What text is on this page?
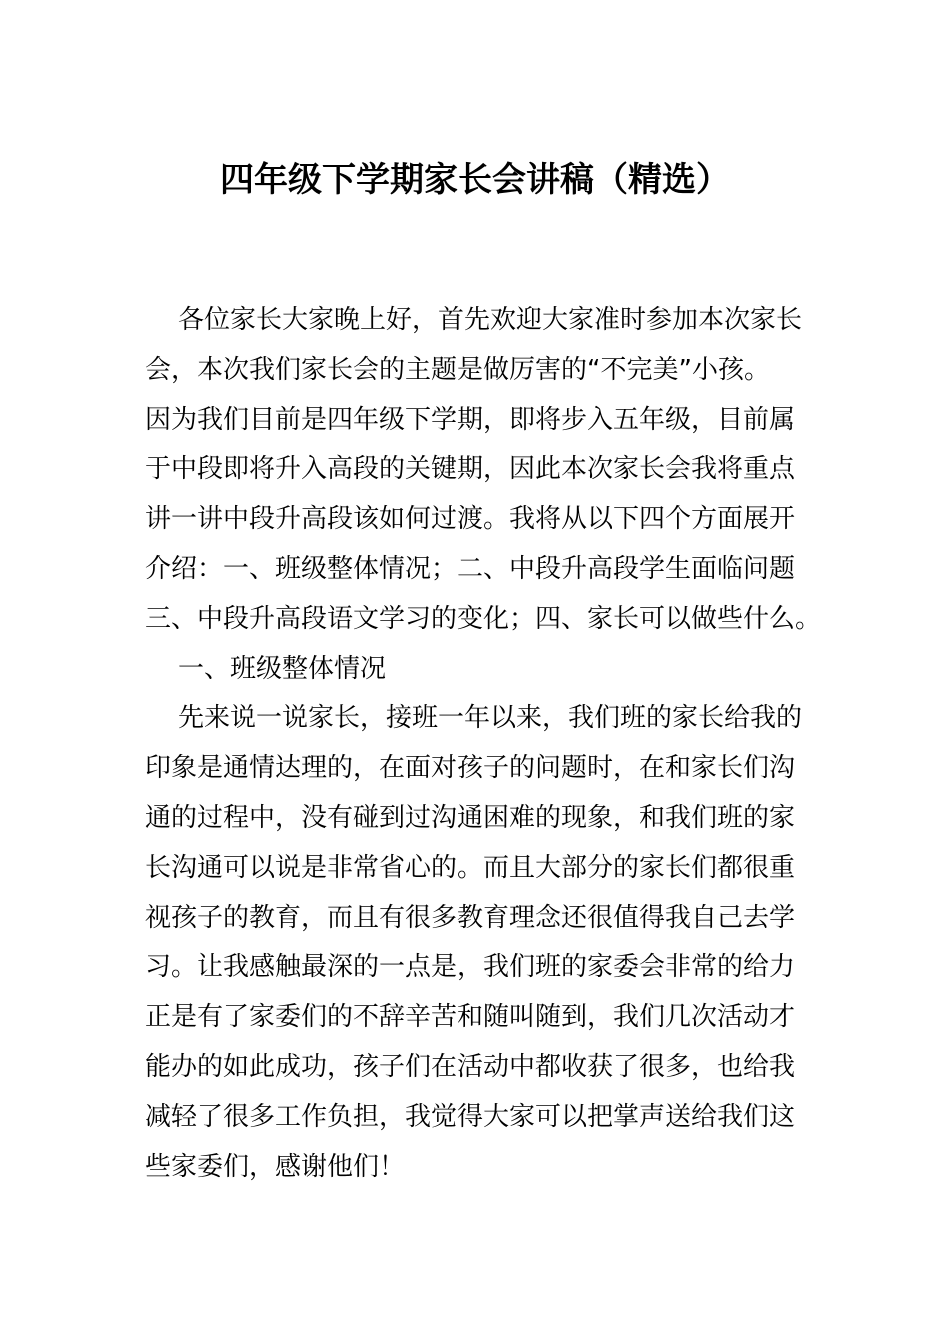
四年级下学期家长会讲稿（精选）
各位家长大家晚上好，首先欢迎大家准时参加本次家长
会，本次我们家长会的主题是做厉害的“不完美”小孩。
因为我们目前是四年级下学期，即将步入五年级，目前属
于中段即将升入高段的关键期，因此本次家长会我将重点
讲一讲中段升高段该如何过渡。我将从以下四个方面展开
介绍：一、班级整体情况；二、中段升高段学生面临问题
三、中段升高段语文学习的变化；四、家长可以做些什么。
一、班级整体情况
先来说一说家长，接班一年以来，我们班的家长给我的
印象是通情达理的，在面对孩子的问题时，在和家长们沟
通的过程中，没有碰到过沟通困难的现象，和我们班的家
长沟通可以说是非常省心的。而且大部分的家长们都很重
视孩子的教育，而且有很多教育理念还很值得我自己去学
习。让我感触最深的一点是，我们班的家委会非常的给力
正是有了家委们的不辞辛苦和随叫随到，我们几次活动才
能办的如此成功，孩子们在活动中都收获了很多，也给我
减轻了很多工作负担，我觉得大家可以把掌声送给我们这
些家委们，感谢他们！
